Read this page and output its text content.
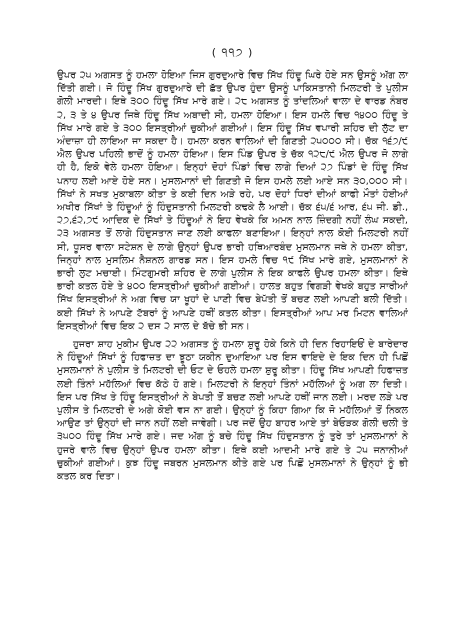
( ੧੧੭ )

ਉਪਰ ੨੫ ਅਗਸਤ ਨੂੰ ਹਮਲਾ ਹੋਇਆ ਜਿਸ ਗੁਰਦੁਆਰੇ ਵਿਚ ਸਿੱਖ ਹਿੰਦੂ ਘਿਰੇ ਹੋਏ ਸਨ ਉਸਨੂੰ ਅੱਗ ਲਾ ਦਿੱਤੀ ਗਈ। ਜੋ ਹਿੰਦੂ ਸਿੱਖ ਗੁਰਦੁਆਰੇ ਦੀ ਛੱਤ ਉਪਰ ਹੁੰਦਾ ਉਸਨੂੰ ਪਾਕਿਸਤਾਨੀ ਮਿਲਟਰੀ ਤੇ ਪੁਲੀਸ ਗੋਲੀ ਮਾਰਦੀ। ਇਥੇ ੩੦੦ ਹਿੰਦੂ ਸਿੱਖ ਮਾਰੇ ਗਏ। ੨੮ ਅਗਸਤ ਨੂੰ ਤਾਂਦਲਿਆਂ ਵਾਲਾ ਦੇ ਵਾਰਡ ਨੰਬਰ ੨, ੩ ਤੇ ੪ ਉਪਰ ਜਿਥੇ ਹਿੰਦੂ ਸਿੱਖ ਅਬਾਦੀ ਸੀ, ਹਮਲਾ ਹੋਇਆ। ਇਸ ਹਮਲੇ ਵਿਚ ੧੪੦੦ ਹਿੰਦੂ ਤੇ ਸਿੱਖ ਮਾਰੇ ਗਏ ਤੇ ੩੦੦ ਇਸਤ੍ਰੀਆਂ ਚੁਕੀਆਂ ਗਈਆਂ। ਇਸ ਹਿੰਦੂ ਸਿੱਖ ਵਪਾਰੀ ਸ਼ਹਿਰ ਦੀ ਲੁੱਟ ਦਾ ਅੰਦਾਜ਼ਾ ਹੀ ਲਾਇਆ ਜਾ ਸਕਦਾ ਹੈ। ਹਮਲਾ ਕਰਨ ਵਾਲਿਆਂ ਦੀ ਗਿਣਤੀ ੨੫੦੦੦ ਸੀ। ਚੱਕ ੧੬੭/੯ ਐਲ ਉਪਰ ਪਹਿਲੀ ਭਾਦੋਂ ਨੂੰ ਹਮਲਾ ਹੋਇਆ। ਇਸ ਪਿੰਡ ਉਪਰ ਤੇ ਚੱਕ ੧੨੮/੯ ਐਲ ਉਪਰ ਜੋ ਲਾਗੇ ਹੀ ਹੈ, ਇਕੋ ਵੇਲੇ ਹਮਲਾ ਹੋਇਆ। ਇਨ੍ਹਾਂ ਦੋਹਾਂ ਪਿੰਡਾਂ ਵਿਚ ਲਾਗੇ ਦਿਆਂ ੨੭ ਪਿੰਡਾਂ ਦੇ ਹਿੰਦੂ ਸਿੱਖ ਪਨਾਹ ਲਈ ਆਏ ਹੋਏ ਸਨ। ਮੁਸਲਮਾਨਾਂ ਦੀ ਗਿਣਤੀ ਜੋ ਇਸ ਹਮਲੇ ਲਈ ਆਏ ਸਨ ੩੦,੦੦੦ ਸੀ। ਸਿੱਖਾਂ ਨੇ ਸਖਤ ਮੁਕਾਬਲਾ ਕੀਤਾ ਤੇ ਕਈ ਦਿਨ ਅੜੇ ਰਹੇ, ਪਰ ਦੋਹਾਂ ਧਿਰਾਂ ਦੀਆਂ ਕਾਫੀ ਮੌਤਾਂ ਹੋਈਆਂ ਅਖੀਰ ਸਿੱਖਾਂ ਤੇ ਹਿੰਦੂਆਂ ਨੂੰ ਹਿੰਦੁਸਤਾਨੀ ਮਿਲਟਰੀ ਕਢਕੇ ਲੈ ਆਈ। ਚੱਕ ੬੫/੬ ਆਰ, ੬੫ ਜੀ. ਡੀ., ੨੭,੬੨,੭੯ ਆਦਿਕ ਦੇ ਸਿੱਖਾਂ ਤੇ ਹਿੰਦੂਆਂ ਨੇ ਇਹ ਵੇਖਕੇ ਕਿ ਅਮਨ ਨਾਲ ਜ਼ਿੰਦਗੀ ਨਹੀਂ ਲੰਘ ਸਕਦੀ, ੨੩ ਅਗਸਤ ਤੋਂ ਲਾਗੇ ਹਿੰਦੁਸਤਾਨ ਜਾਣ ਲਈ ਕਾਫਲਾ ਬਣਾਇਆ। ਇਨ੍ਹਾਂ ਨਾਲ ਕੋਈ ਮਿਲਟਰੀ ਨਹੀਂ ਸੀ, ਧੂਸਰ ਵਾਲਾ ਸਟੇਸ਼ਨ ਦੇ ਲਾਗੇ ਉਨ੍ਹਾਂ ਉਪਰ ਭਾਰੀ ਹਥਿਆਰਬੰਦ ਮੁਸਲਮਾਨ ਜਥੇ ਨੇ ਹਮਲਾ ਕੀਤਾ, ਜਿਨ੍ਹਾਂ ਨਾਲ ਮੁਸਲਿਮ ਨੈਸ਼ਨਲ ਗਾਰਡ ਸਨ। ਇਸ ਹਮਲੇ ਵਿਚ ੧੯ ਸਿੱਖ ਮਾਰੇ ਗਏ, ਮੁਸਲਮਾਨਾਂ ਨੇ ਭਾਰੀ ਲੁਟ ਮਚਾਈ। ਮਿੰਟਗੁਮਰੀ ਸ਼ਹਿਰ ਦੇ ਲਾਗੇ ਪੁਲੀਸ ਨੇ ਇਕ ਕਾਫਲੇ ਉਪਰ ਹਮਲਾ ਕੀਤਾ। ਇਥੇ ਭਾਰੀ ਕਤਲ ਹੋਏ ਤੇ ੪੦੦ ਇਸਤ੍ਰੀਆਂ ਚੁਕੀਆਂ ਗਈਆਂ। ਹਾਲਤ ਬਹੁਤ ਵਿਗੜੀ ਵੇਖਕੇ ਬਹੁਤ ਸਾਰੀਆਂ ਸਿੱਖ ਇਸਤ੍ਰੀਆਂ ਨੇ ਅਗ ਵਿਚ ਯਾ ਖੂਹਾਂ ਦੇ ਪਾਣੀ ਵਿਚ ਬੇਪੱਤੀ ਤੋਂ ਬਚਣ ਲਈ ਆਪਣੀ ਬਲੀ ਦਿੱਤੀ। ਕਈ ਸਿੱਖਾਂ ਨੇ ਆਪਣੇ ਟੱਬਰਾਂ ਨੂੰ ਆਪਣੇ ਹਥੀਂ ਕਤਲ ਕੀਤਾ। ਇਸਤ੍ਰੀਆਂ ਆਪ ਮਰ ਮਿਟਨ ਵਾਲਿਆਂ ਇਸਤ੍ਰੀਆਂ ਵਿਚ ਇਕ ੨ ਦਸ ੨ ਸਾਲ ਦੇ ਬੱਚੇ ਭੀ ਸਨ।

ਹੁਜਰਾ ਸ਼ਾਹ ਮੁਕੀਮ ਉਪਰ ੨੨ ਅਗਸਤ ਨੂੰ ਹਮਲਾ ਸ਼ੁਰੂ ਹੋਕੇ ਕਿਨੇ ਹੀ ਦਿਨ ਰਿਹਾਇਓਂ ਦੇ ਬਾਰੇਦਾਰ ਨੇ ਹਿੰਦੂਆਂ ਸਿੱਖਾਂ ਨੂੰ ਹਿਫਾਜ਼ਤ ਦਾ ਝੂਠਾ ਯਕੀਨ ਦੁਆਇਆ ਪਰ ਇਸ ਵਾਇਦੇ ਦੇ ਇਕ ਦਿਨ ਹੀ ਪਿਛੋਂ ਮੁਸਲਮਾਨਾਂ ਨੇ ਪੁਲੀਸ ਤੇ ਮਿਲਟਰੀ ਦੀ ਓਟ ਦੇ ਓਹਲੇ ਹਮਲਾ ਸ਼ੁਰੂ ਕੀਤਾ। ਹਿੰਦੂ ਸਿੱਖ ਆਪਣੀ ਹਿਫਾਜ਼ਤ ਲਈ ਤਿੰਨਾਂ ਮਹੱਲਿਆਂ ਵਿਚ ਕੱਠੇ ਹੋ ਗਏ। ਮਿਲਟਰੀ ਨੇ ਇਨ੍ਹਾਂ ਤਿੰਨਾਂ ਮਹੱਲਿਆਂ ਨੂੰ ਅਗ ਲਾ ਦਿਤੀ। ਇਸ ਪਰ ਸਿੱਖ ਤੇ ਹਿੰਦੂ ਇਸਤ੍ਰੀਆਂ ਨੇ ਬੇਪਤੀ ਤੋਂ ਬਚਣ ਲਈ ਆਪਣੇ ਹਥੀਂ ਜਾਨ ਲਈ। ਮਰਦ ਲੜੇ ਪਰ ਪੁਲੀਸ ਤੇ ਮਿਲਟਰੀ ਦੇ ਅਗੇ ਕੋਈ ਵਸ ਨਾ ਗਈ। ਉਨ੍ਹਾਂ ਨੂੰ ਕਿਹਾ ਗਿਆ ਕਿ ਜੋ ਮਹੱਲਿਆਂ ਤੋਂ ਨਿਕਲ ਆਉਣ ਤਾਂ ਉਨ੍ਹਾਂ ਦੀ ਜਾਨ ਨਹੀਂ ਲਈ ਜਾਵੇਗੀ। ਪਰ ਜਦੋਂ ਉਹ ਬਾਹਰ ਆਏ ਤਾਂ ਬੇਓੜਕ ਗੋਲੀ ਚਲੀ ਤੇ ੩੫੦੦ ਹਿੰਦੂ ਸਿੱਖ ਮਾਰੇ ਗਏ। ਜਦ ਅੱਗ ਨੂੰ ਬਚੇ ਹਿੰਦੂ ਸਿੱਖ ਹਿੰਦੁਸਤਾਨ ਨੂੰ ਤੁਰੇ ਤਾਂ ਮੁਸਲਮਾਨਾਂ ਨੇ ਹੁਜਰੇ ਵਾਲੇ ਵਿਚ ਉਨ੍ਹਾਂ ਉਪਰ ਹਮਲਾ ਕੀਤਾ। ਇਥੇ ਕਈ ਆਦਮੀ ਮਾਰੇ ਗਏ ਤੇ ੨੫ ਜਨਾਨੀਆਂ ਚੁਕੀਆਂ ਗਈਆਂ। ਕੁਝ ਹਿੰਦੂ ਜਬਰਨ ਮੁਸਲਮਾਨ ਕੀਤੇ ਗਏ ਪਰ ਪਿਛੋਂ ਮੁਸਲਮਾਨਾਂ ਨੇ ਉਨ੍ਹਾਂ ਨੂੰ ਭੀ ਕਤਲ ਕਰ ਦਿਤਾ।
